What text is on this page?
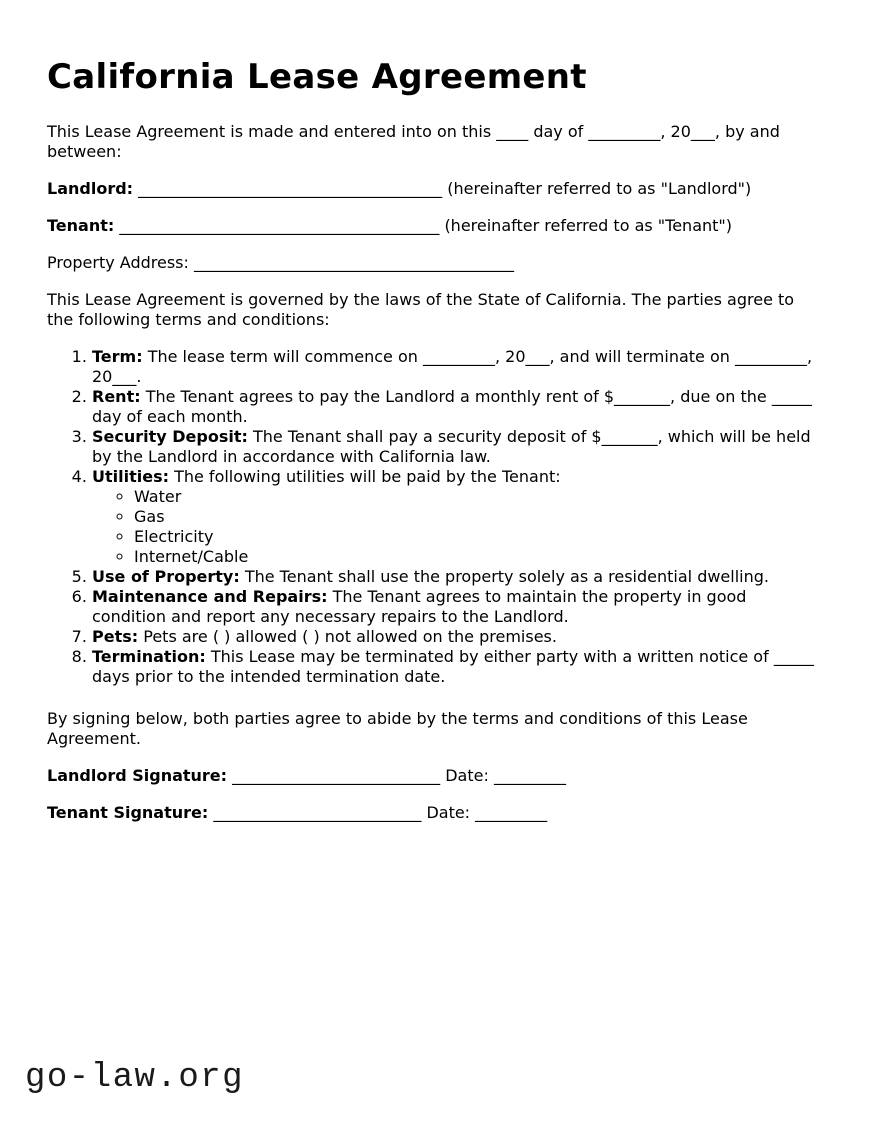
California Lease Agreement

This Lease Agreement is made and entered into on this ____ day of _________, 20___, by and between:

Landlord: ______________________________________ (hereinafter referred to as "Landlord")

Tenant: ________________________________________ (hereinafter referred to as "Tenant")

Property Address: ________________________________________

This Lease Agreement is governed by the laws of the State of California. The parties agree to the following terms and conditions:

1. Term: The lease term will commence on _________, 20___, and will terminate on _________, 20___.
2. Rent: The Tenant agrees to pay the Landlord a monthly rent of $_______, due on the _____ day of each month.
3. Security Deposit: The Tenant shall pay a security deposit of $_______, which will be held by the Landlord in accordance with California law.
4. Utilities: The following utilities will be paid by the Tenant:
◦ Water
◦ Gas
◦ Electricity
◦ Internet/Cable
5. Use of Property: The Tenant shall use the property solely as a residential dwelling.
6. Maintenance and Repairs: The Tenant agrees to maintain the property in good condition and report any necessary repairs to the Landlord.
7. Pets: Pets are ( ) allowed ( ) not allowed on the premises.
8. Termination: This Lease may be terminated by either party with a written notice of _____ days prior to the intended termination date.

By signing below, both parties agree to abide by the terms and conditions of this Lease Agreement.

Landlord Signature: __________________________ Date: _________

Tenant Signature: __________________________ Date: _________

go-law.org
